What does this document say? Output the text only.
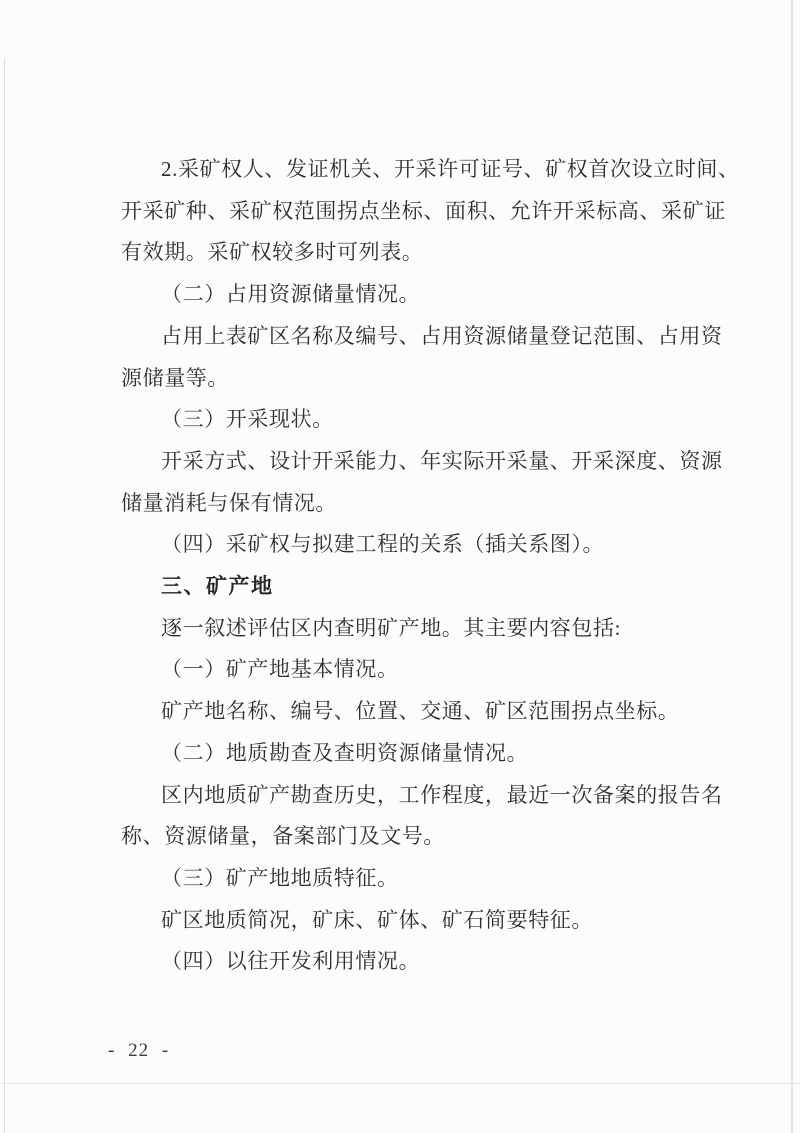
2.采矿权人、发证机关、开采许可证号、矿权首次设立时间、
开采矿种、采矿权范围拐点坐标、面积、允许开采标高、采矿证
有效期。采矿权较多时可列表。
（二）占用资源储量情况。
占用上表矿区名称及编号、占用资源储量登记范围、占用资
源储量等。
（三）开采现状。
开采方式、设计开采能力、年实际开采量、开采深度、资源
储量消耗与保有情况。
（四）采矿权与拟建工程的关系（插关系图）。
三、矿产地
逐一叙述评估区内查明矿产地。其主要内容包括:
（一）矿产地基本情况。
矿产地名称、编号、位置、交通、矿区范围拐点坐标。
（二）地质勘查及查明资源储量情况。
区内地质矿产勘查历史，工作程度，最近一次备案的报告名
称、资源储量，备案部门及文号。
（三）矿产地地质特征。
矿区地质简况，矿床、矿体、矿石简要特征。
（四）以往开发利用情况。
- 22 -
